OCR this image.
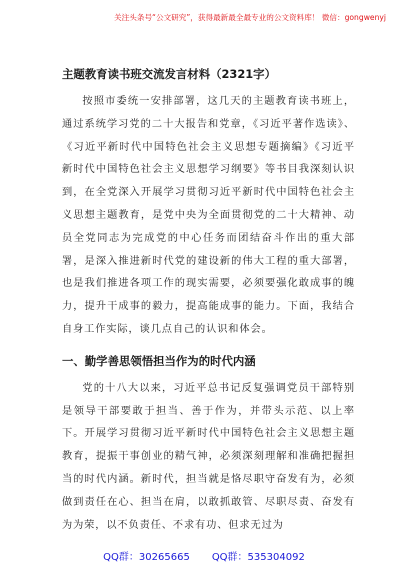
关注头条号“公文研究”，获得最新最全最专业的公文资料库！ 微信：gongwenyj
主题教育读书班交流发言材料（2321字）

按照市委统一安排部署，这几天的主题教育读书班上，通过系统学习党的二十大报告和党章，《习近平著作选读》、《习近平新时代中国特色社会主义思想专题摘编》《习近平新时代中国特色社会主义思想学习纲要》等书目我深刻认识到，在全党深入开展学习贯彻习近平新时代中国特色社会主义思想主题教育，是党中央为全面贯彻党的二十大精神、动员全党同志为完成党的中心任务而团结奋斗作出的重大部署，是深入推进新时代党的建设新的伟大工程的重大部署，也是我们推进各项工作的现实需要，必须要强化敢成事的魄力，提升干成事的毅力，提高能成事的能力。下面，我结合自身工作实际，谈几点自己的认识和体会。

一、勤学善思领悟担当作为的时代内涵

党的十八大以来，习近平总书记反复强调党员干部特别是领导干部要敢于担当、善于作为，并带头示范、以上率下。开展学习贯彻习近平新时代中国特色社会主义思想主题教育，提振干事创业的精气神，必须深刻理解和准确把握担当的时代内涵。新时代，担当就是恪尽职守奋发有为，必须做到责任在心、担当在肩，以敢抓敢管、尽职尽责、奋发有为为荣，以不负责任、不求有功、但求无过为

QQ群：30265665 QQ群：535304092
